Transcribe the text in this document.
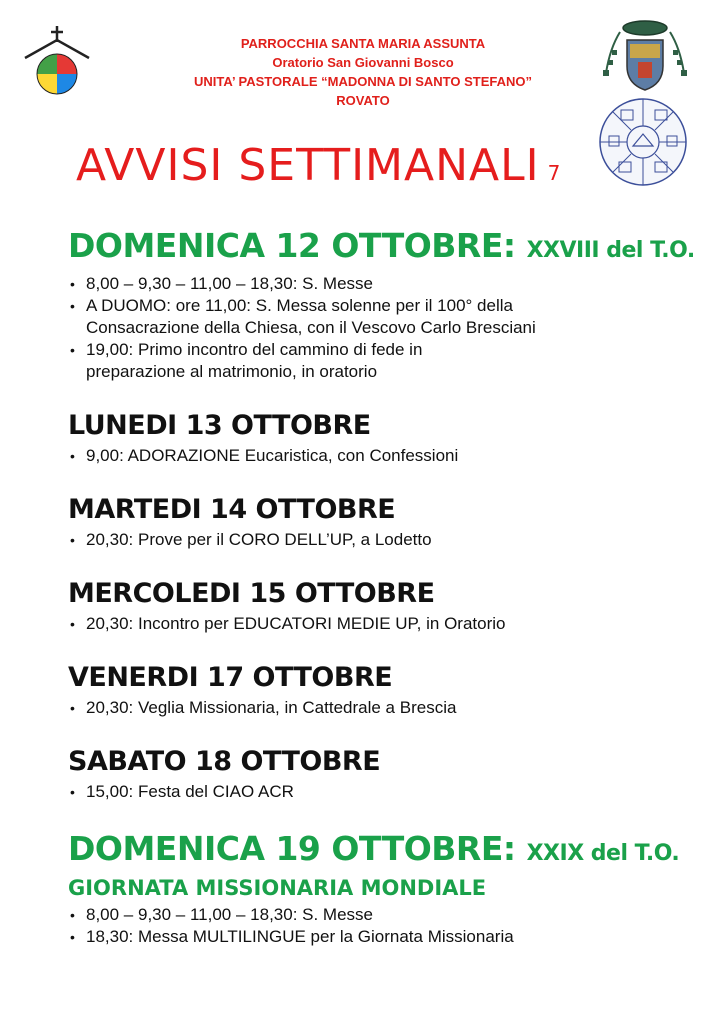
PARROCCHIA SANTA MARIA ASSUNTA
Oratorio San Giovanni Bosco
UNITA’ PASTORALE “MADONNA DI SANTO STEFANO”
ROVATO
AVVISI SETTIMANALI 7
DOMENICA 12 OTTOBRE: XXVIII del T.O.
• 8,00 – 9,30 – 11,00 – 18,30: S. Messe
• A DUOMO: ore 11,00: S. Messa solenne per il 100° della Consacrazione della Chiesa, con il Vescovo Carlo Bresciani
• 19,00: Primo incontro del cammino di fede in preparazione al matrimonio, in oratorio
LUNEDI 13 OTTOBRE
• 9,00: ADORAZIONE Eucaristica, con Confessioni
MARTEDI 14 OTTOBRE
• 20,30: Prove per il CORO DELL’UP, a Lodetto
MERCOLEDI 15 OTTOBRE
• 20,30: Incontro per EDUCATORI MEDIE UP, in Oratorio
VENERDI 17 OTTOBRE
• 20,30: Veglia Missionaria, in Cattedrale a Brescia
SABATO 18 OTTOBRE
• 15,00: Festa del CIAO ACR
DOMENICA 19 OTTOBRE: XXIX del T.O.
GIORNATA MISSIONARIA MONDIALE
• 8,00 – 9,30 – 11,00 – 18,30: S. Messe
• 18,30: Messa MULTILINGUE per la Giornata Missionaria
